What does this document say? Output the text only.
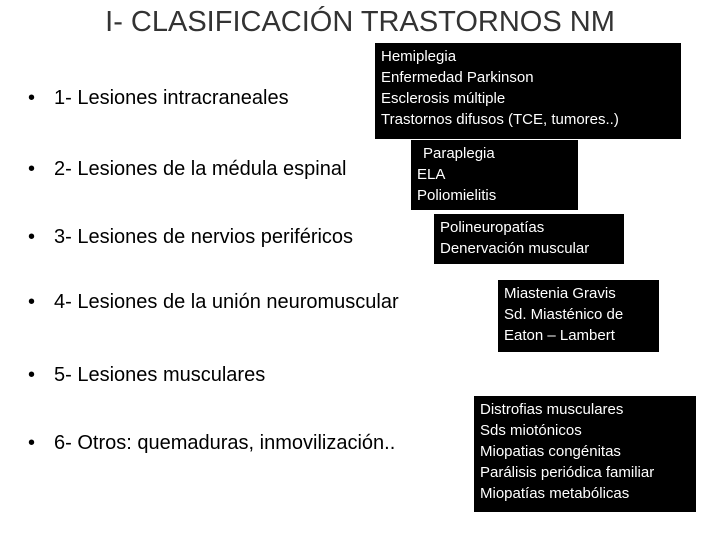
I- CLASIFICACIÓN TRASTORNOS NM
• 1- Lesiones intracraneales
Hemiplegia
Enfermedad Parkinson
Esclerosis múltiple
Trastornos difusos (TCE, tumores..)
• 2- Lesiones de la médula espinal
Paraplegia
ELA
Poliomielitis
• 3- Lesiones de nervios periféricos	Polineuropatías
Denervación muscular
• 4- Lesiones de la unión neuromuscular	Miastenia Gravis
Sd. Miasténico de
Eaton – Lambert
• 5- Lesiones musculares
• 6- Otros: quemaduras, inmovilización..
Distrofias musculares
Sds miotónicos
Miopatias congénitas
Parálisis periódica familiar
Miopatías metabólicas
